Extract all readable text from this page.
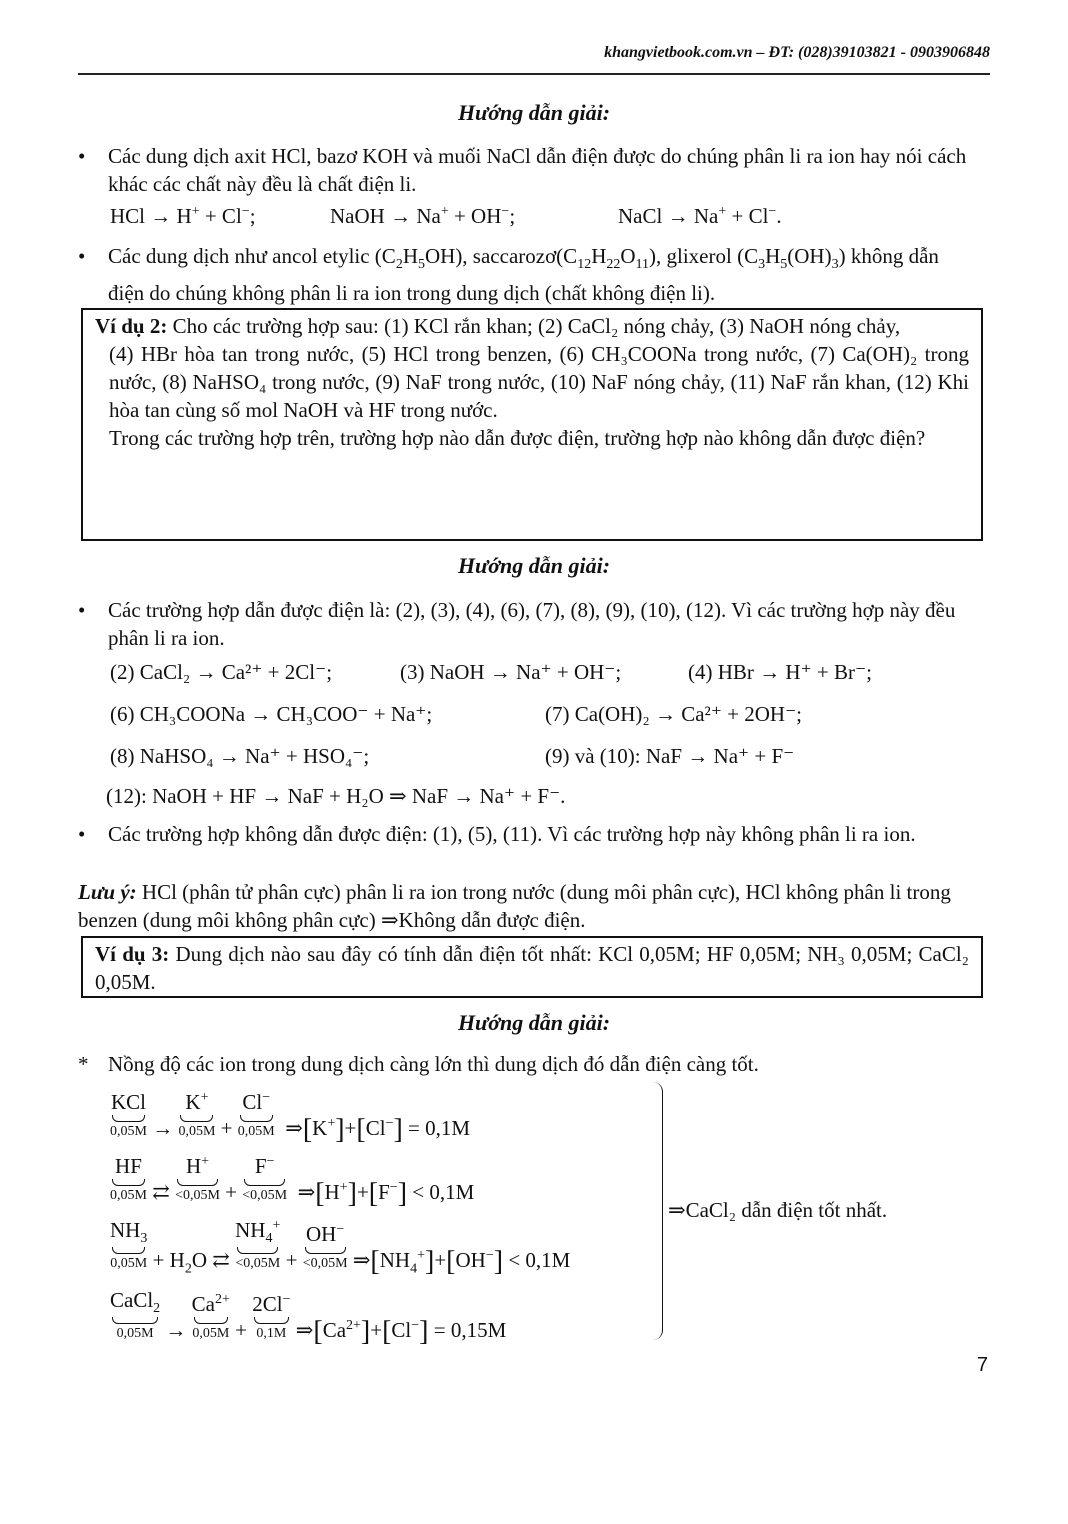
khangvietbook.com.vn – ĐT: (028)39103821 - 0903906848
Hướng dẫn giải:
•	Các dung dịch axit HCl, bazơ KOH và muối NaCl dẫn điện được do chúng phân li ra ion hay nói cách khác các chất này đều là chất điện li.
HCl → H+ + Cl−;	NaOH → Na+ + OH−;	NaCl → Na+ + Cl−.
•	Các dung dịch như ancol etylic $(C_2H_5OH)$, $saccarozơ(C_{12}H_{22}O_{11})$, glixerol $(C_3H_5(OH)_3)$ không dẫn điện do chúng không phân li ra ion trong dung dịch (chất không điện li).
Ví dụ 2: Cho các trường hợp sau: (1) KCl rắn khan; (2) CaCl₂ nóng chảy, (3) NaOH nóng chảy,
(4) HBr hòa tan trong nước, (5) HCl trong benzen, (6) CH₃COONa trong nước, (7) Ca(OH)₂ trong nước, (8) NaHSO₄ trong nước, (9) NaF trong nước, (10) NaF nóng chảy, (11) NaF rắn khan, (12) Khi hòa tan cùng số mol NaOH và HF trong nước.
Trong các trường hợp trên, trường hợp nào dẫn được điện, trường hợp nào không dẫn được điện?
Hướng dẫn giải:
•	Các trường hợp dẫn được điện là: (2), (3), (4), (6), (7), (8), (9), (10), (12). Vì các trường hợp này đều phân li ra ion.
(2) CaCl₂ → Ca²⁺ + 2Cl⁻;	(3) NaOH → Na⁺ + OH⁻;	(4) HBr → H⁺ + Br⁻;
(6) CH₃COONa → CH₃COO⁻ + Na⁺;	(7) Ca(OH)₂ → Ca²⁺ + 2OH⁻;
(8) NaHSO₄ → Na⁺ + HSO₄⁻;	(9) và (10): NaF → Na⁺ + F⁻
(12): NaOH + HF → NaF + H₂O ⇒ NaF → Na⁺ + F⁻.
•	Các trường hợp không dẫn được điện: (1), (5), (11). Vì các trường hợp này không phân li ra ion.
Lưu ý: HCl (phân tử phân cực) phân li ra ion trong nước (dung môi phân cực), HCl không phân li trong benzen (dung môi không phân cực) ⇒Không dẫn được điện.
Ví dụ 3: Dung dịch nào sau đây có tính dẫn điện tốt nhất: KCl 0,05M; HF 0,05M; NH₃ 0,05M; CaCl₂ 0,05M.
Hướng dẫn giải:
* Nồng độ các ion trong dung dịch càng lớn thì dung dịch đó dẫn điện càng tốt.
KCl
0,05M →
K+
0,05M +
Cl−
0,05M ⇒[K+]+[Cl−] = 0,1M
HF
0,05M ⇄
H+
<0,05M +
F−
<0,05M ⇒[H+]+[F−] < 0,1M
$NH_3$
$0,05M + H_2O$ ⇄
$NH_4^+$
<0,05M +
OH−
<0,05M $\Rightarrow[NH_4^+]+[OH^-] < 0,1M$
CaCl$_2$
0,05M →
$Ca^{2+}$
0,05M +
2Cl−
0,1M $\Rightarrow[Ca^{2+}]+[Cl^-] = 0,15M$
⇒CaCl₂ dẫn điện tốt nhất.
7
